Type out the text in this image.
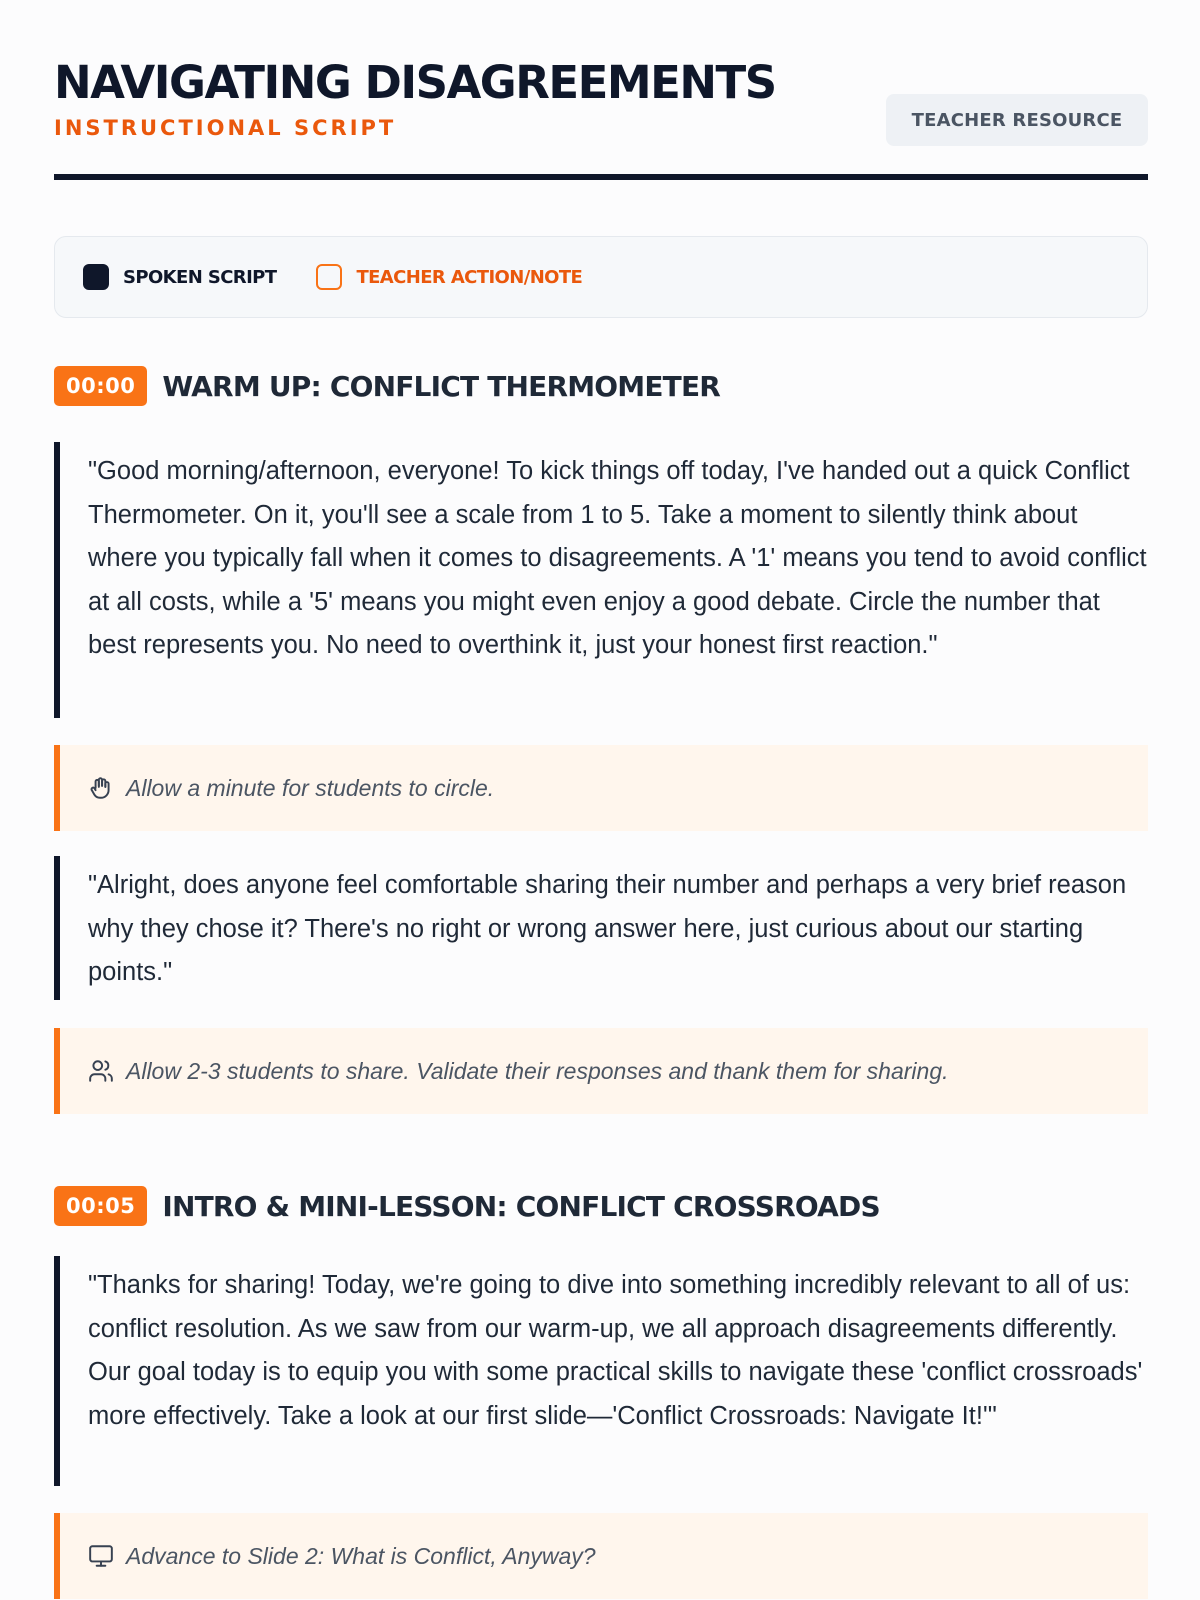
NAVIGATING DISAGREEMENTS
INSTRUCTIONAL SCRIPT	TEACHER RESOURCE
SPOKEN SCRIPT	TEACHER ACTION/NOTE
00:00 WARM UP: CONFLICT THERMOMETER
"Good morning/afternoon, everyone! To kick things off today, I've handed out a quick Conflict Thermometer. On it, you'll see a scale from 1 to 5. Take a moment to silently think about where you typically fall when it comes to disagreements. A '1' means you tend to avoid conflict at all costs, while a '5' means you might even enjoy a good debate. Circle the number that best represents you. No need to overthink it, just your honest first reaction."
Allow a minute for students to circle.
"Alright, does anyone feel comfortable sharing their number and perhaps a very brief reason why they chose it? There's no right or wrong answer here, just curious about our starting points."
Allow 2-3 students to share. Validate their responses and thank them for sharing.
00:05 INTRO & MINI-LESSON: CONFLICT CROSSROADS
"Thanks for sharing! Today, we're going to dive into something incredibly relevant to all of us: conflict resolution. As we saw from our warm-up, we all approach disagreements differently. Our goal today is to equip you with some practical skills to navigate these 'conflict crossroads' more effectively. Take a look at our first slide—'Conflict Crossroads: Navigate It!'"
Advance to Slide 2: What is Conflict, Anyway?
